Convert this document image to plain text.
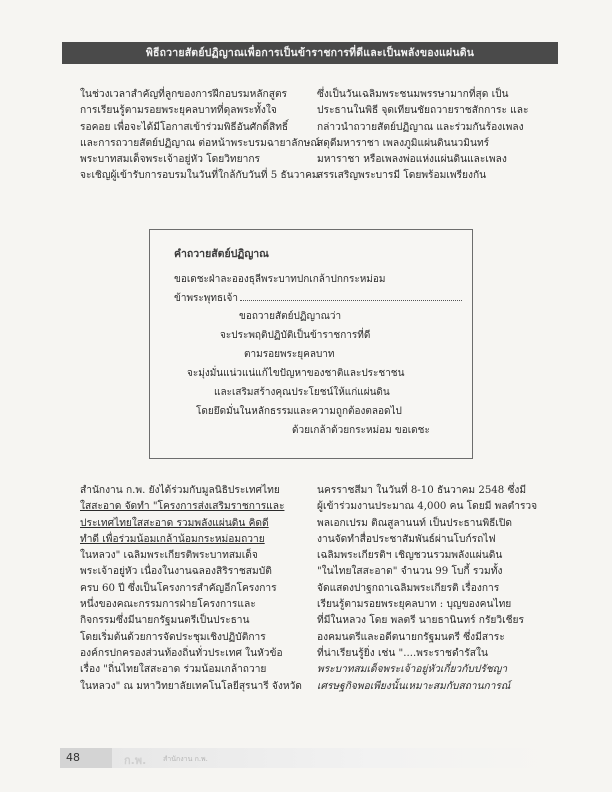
พิธีถวายสัตย์ปฏิญาณเพื่อการเป็นข้าราชการที่ดีและเป็นพลังของแผ่นดิน

ในช่วงเวลาสำคัญที่ลูกของการฝึกอบรมหลักสูตร

การเรียนรู้ตามรอยพระยุคลบาทที่ดุลพระทั้งใจ

รอคอย เพื่อจะได้มีโอกาสเข้าร่วมพิธีอันศักดิ์สิทธิ์

และการถวายสัตย์ปฏิญาณ ต่อหน้าพระบรมฉายาลักษณ์

พระบาทสมเด็จพระเจ้าอยู่หัว โดยวิทยากร

จะเชิญผู้เข้ารับการอบรมในวันที่ใกล้กับวันที่ 5 ธันวาคม

ซึ่งเป็นวันเฉลิมพระชนมพรรษามากที่สุด เป็น

ประธานในพิธี จุดเทียนชัยถวายราชสักการะ และ

กล่าวนำถวายสัตย์ปฏิญาณ และร่วมกันร้องเพลง

สดุดีมหาราชา เพลงภูมิแผ่นดินนวมินทร์

มหาราชา หรือเพลงพ่อแห่งแผ่นดินและเพลง

สรรเสริญพระบารมี โดยพร้อมเพรียงกัน

คำถวายสัตย์ปฏิญาณ
ขอเดชะฝ่าละอองธุลีพระบาทปกเกล้าปกกระหม่อม
ข้าพระพุทธเจ้า
ขอถวายสัตย์ปฏิญาณว่า
จะประพฤติปฏิบัติเป็นข้าราชการที่ดี
ตามรอยพระยุคลบาท
จะมุ่งมั่นแน่วแน่แก้ไขปัญหาของชาติและประชาชน
และเสริมสร้างคุณประโยชน์ให้แก่แผ่นดิน
โดยยึดมั่นในหลักธรรมและความถูกต้องตลอดไป
ด้วยเกล้าด้วยกระหม่อม ขอเดชะ

สำนักงาน ก.พ. ยังได้ร่วมกับมูลนิธิประเทศไทย

ใสสะอาด จัดทำ "โครงการส่งเสริมราชการและ

ประเทศไทยใสสะอาด รวมพลังแผ่นดิน คิดดี

ทำดี เพื่อร่วมน้อมเกล้าน้อมกระหม่อมถวาย

ในหลวง" เฉลิมพระเกียรติพระบาทสมเด็จ

พระเจ้าอยู่หัว เนื่องในงานฉลองสิริราชสมบัติ

ครบ 60 ปี ซึ่งเป็นโครงการสำคัญอีกโครงการ

หนึ่งของคณะกรรมการฝ่ายโครงการและ

กิจกรรมซึ่งมีนายกรัฐมนตรีเป็นประธาน

โดยเริ่มต้นด้วยการจัดประชุมเชิงปฏิบัติการ

องค์กรปกครองส่วนท้องถิ่นทั่วประเทศ ในหัวข้อ

เรื่อง "ถิ่นไทยใสสะอาด ร่วมน้อมเกล้าถวาย

ในหลวง" ณ มหาวิทยาลัยเทคโนโลยีสุรนารี จังหวัด

นครราชสีมา ในวันที่ 8-10 ธันวาคม 2548 ซึ่งมี

ผู้เข้าร่วมงานประมาณ 4,000 คน โดยมี พลตำรวจ

พลเอกเปรม ติณสูลานนท์ เป็นประธานพิธีเปิด

งานจัดทำสื่อประชาสัมพันธ์ผ่านโบก์รถไฟ

เฉลิมพระเกียรติฯ เชิญชวนรวมพลังแผ่นดิน

"ในไทยใสสะอาด" จำนวน 99 โบกี้ รวมทั้ง

จัดแสดงปาฐกถาเฉลิมพระเกียรติ เรื่องการ

เรียนรู้ตามรอยพระยุคลบาท : บุญของคนไทย

ที่มีในหลวง โดย พลตรี นายธานินทร์ กรัยวิเชียร

องคมนตรีและอดีตนายกรัฐมนตรี ซึ่งมีสาระ

ที่น่าเรียนรู้ยิ่ง เช่น "....พระราชดำรัสใน

พระบาทสมเด็จพระเจ้าอยู่หัวเกี่ยวกับปรัชญา

เศรษฐกิจพอเพียงนั้นเหมาะสมกับสถานการณ์

48	ก.พ. สำนักงาน ก.พ.
